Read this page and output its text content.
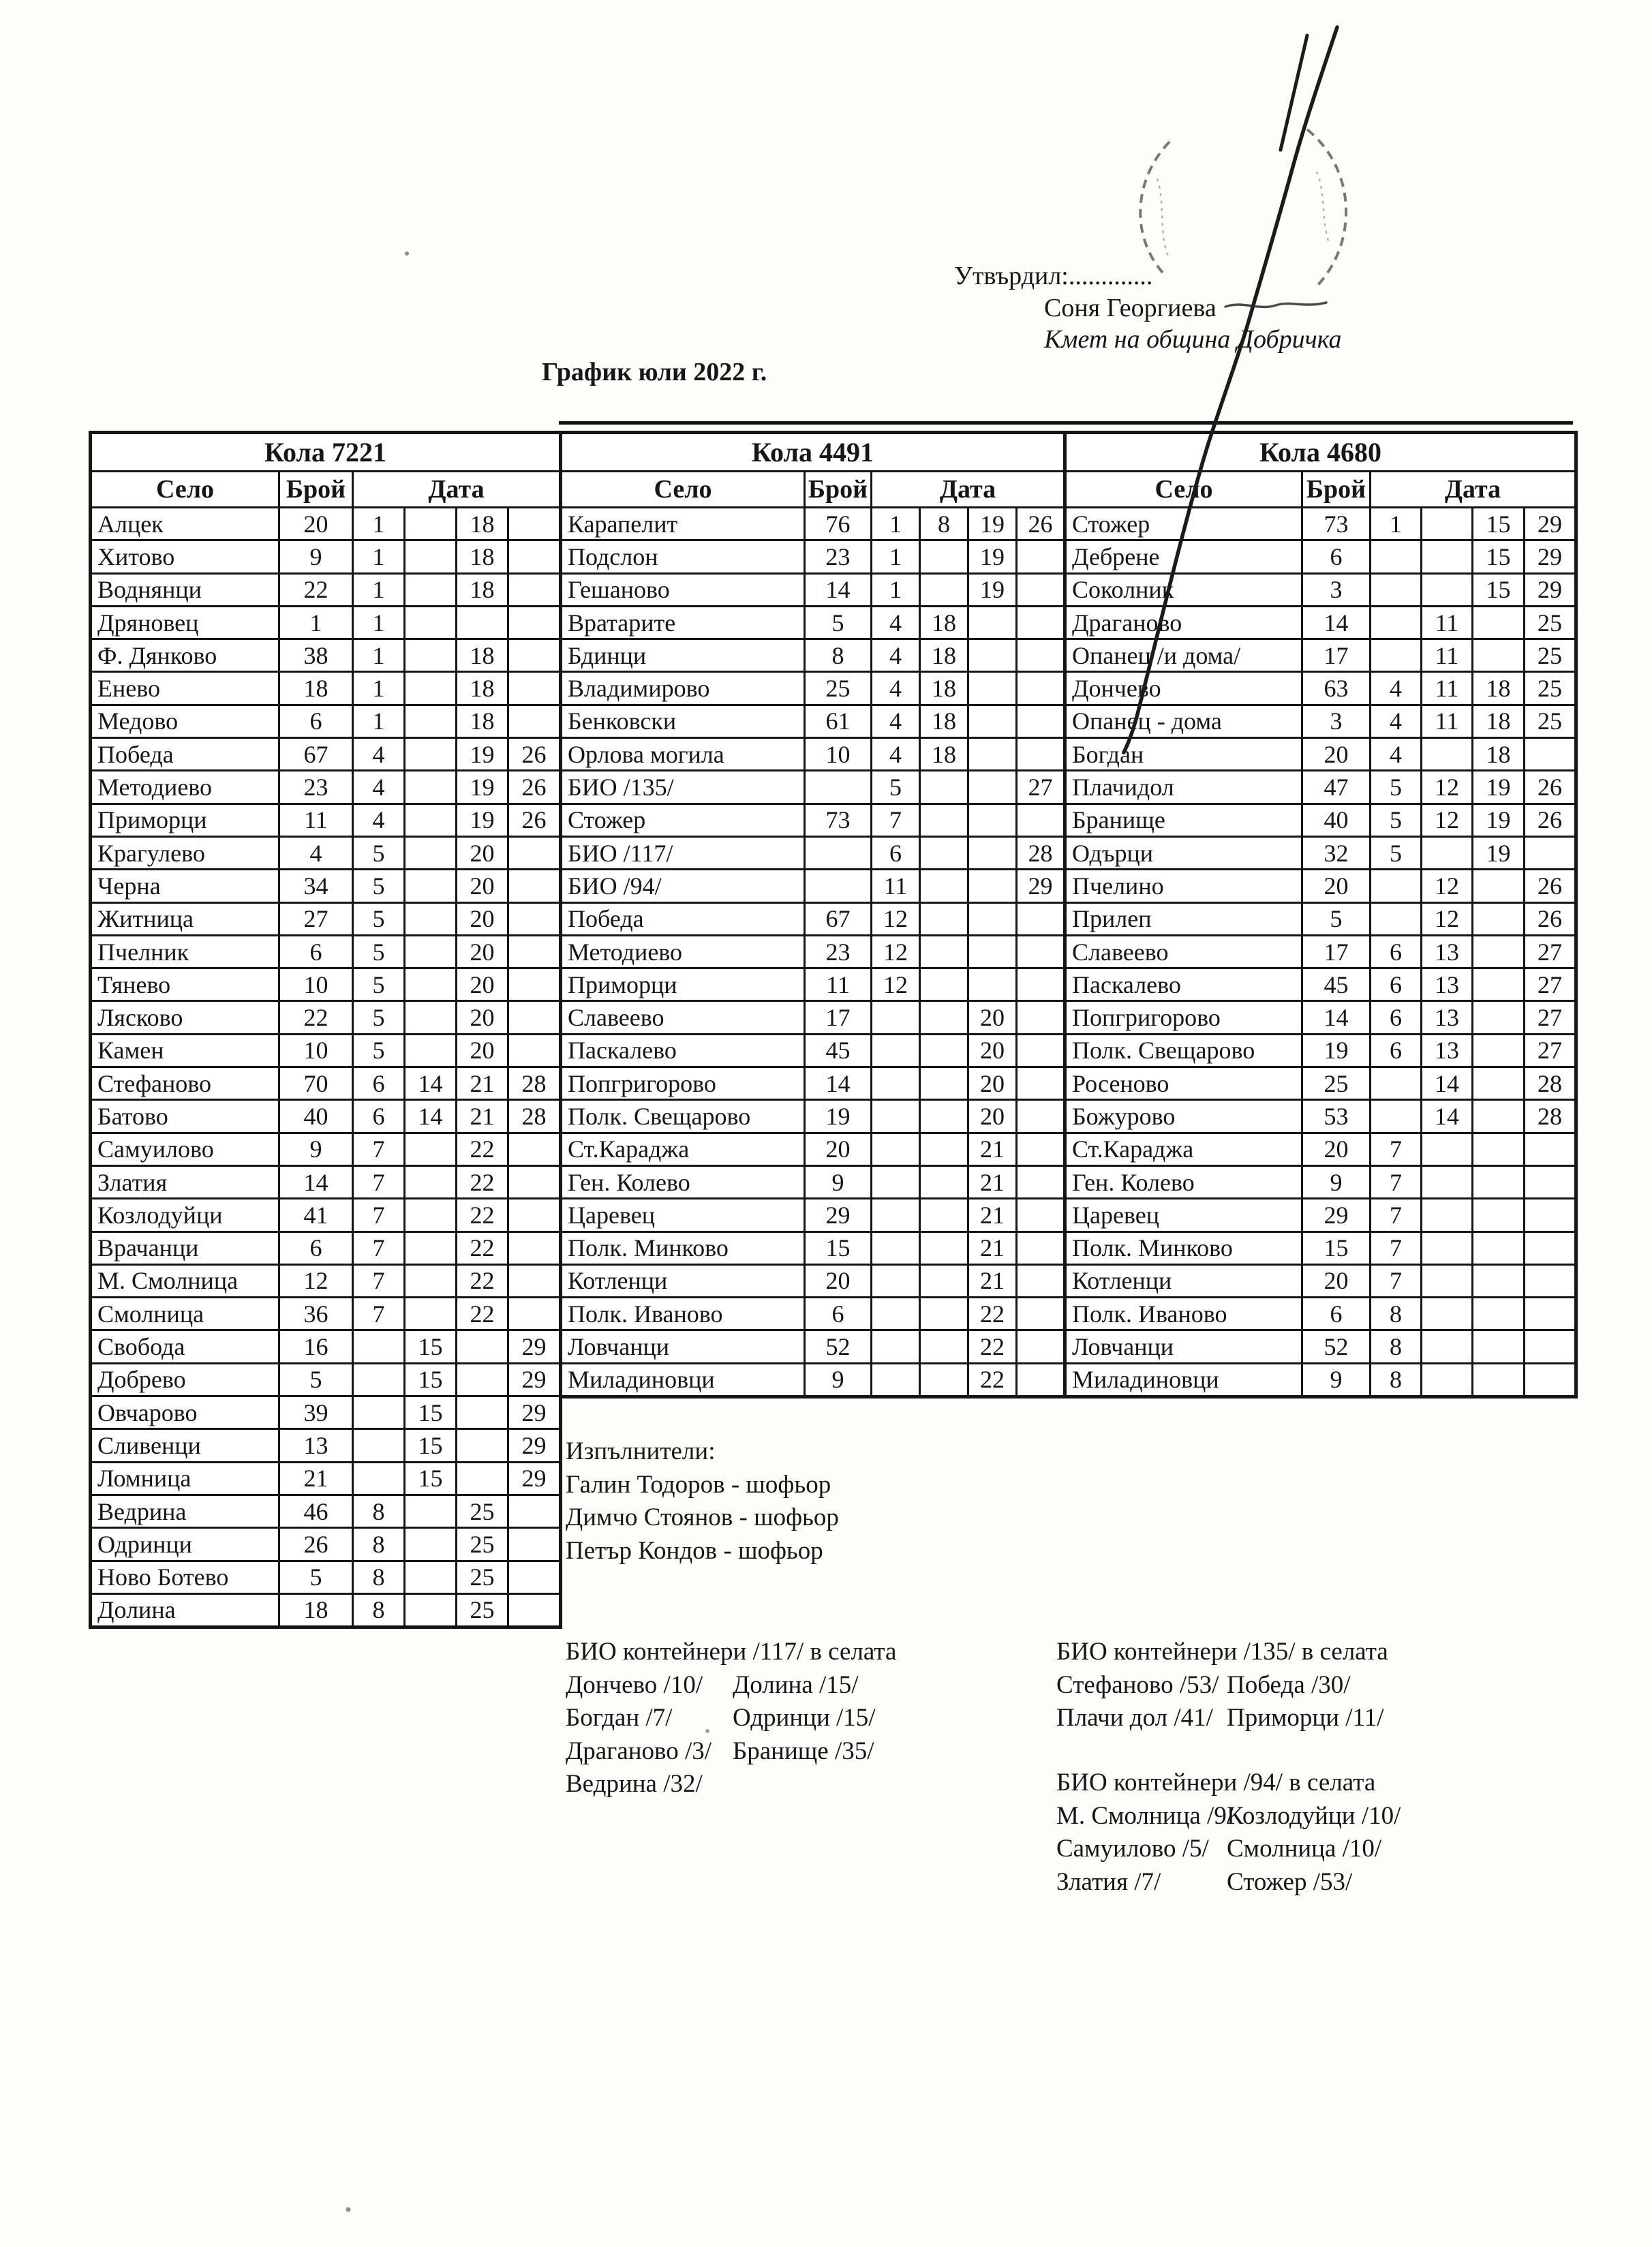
Утвърдил:.............
Соня Георгиева
Кмет на община Добричка
График юли 2022 г.
Кола 7221					
Село	Брой	Дата			
Алцек	20	1		18	
Хитово	9	1		18	
Воднянци	22	1		18	
Дряновец	1	1			
Ф. Дянково	38	1		18	
Енево	18	1		18	
Медово	6	1		18	
Победа	67	4		19	26
Методиево	23	4		19	26
Приморци	11	4		19	26
Крагулево	4	5		20	
Черна	34	5		20	
Житница	27	5		20	
Пчелник	6	5		20	
Тянево	10	5		20	
Лясково	22	5		20	
Камен	10	5		20	
Стефаново	70	6	14	21	28
Батово	40	6	14	21	28
Самуилово	9	7		22	
Златия	14	7		22	
Козлодуйци	41	7		22	
Врачанци	6	7		22	
М. Смолница	12	7		22	
Смолница	36	7		22	
Свобода	16		15		29
Добрево	5		15		29
Овчарово	39		15		29
Сливенци	13		15		29
Ломница	21		15		29
Ведрина	46	8		25	
Одринци	26	8		25	
Ново Ботево	5	8		25	
Долина	18	8		25	
Кола 4491					
Село	Брой	Дата			
Карапелит	76	1	8	19	26
Подслон	23	1		19	
Гешаново	14	1		19	
Вратарите	5	4	18		
Бдинци	8	4	18		
Владимирово	25	4	18		
Бенковски	61	4	18		
Орлова могила	10	4	18		
БИО /135/		5			27
Стожер	73	7			
БИО /117/		6			28
БИО /94/		11			29
Победа	67	12			
Методиево	23	12			
Приморци	11	12			
Славеево	17			20	
Паскалево	45			20	
Попгригорово	14			20	
Полк. Свещарово	19			20	
Ст.Караджа	20			21	
Ген. Колево	9			21	
Царевец	29			21	
Полк. Минково	15			21	
Котленци	20			21	
Полк. Иваново	6			22	
Ловчанци	52			22	
Миладиновци	9			22	
Кола 4680					
Село	Брой	Дата			
Стожер	73	1		15	29
Дебрене	6			15	29
Соколник	3			15	29
Драганово	14		11		25
Опанец /и дома/	17		11		25
Дончево	63	4	11	18	25
Опанец - дома	3	4	11	18	25
Богдан	20	4		18	
Плачидол	47	5	12	19	26
Бранище	40	5	12	19	26
Одърци	32	5		19	
Пчелино	20		12		26
Прилеп	5		12		26
Славеево	17	6	13		27
Паскалево	45	6	13		27
Попгригорово	14	6	13		27
Полк. Свещарово	19	6	13		27
Росеново	25		14		28
Божурово	53		14		28
Ст.Караджа	20	7			
Ген. Колево	9	7			
Царевец	29	7			
Полк. Минково	15	7			
Котленци	20	7			
Полк. Иваново	6	8			
Ловчанци	52	8			
Миладиновци	9	8			
Изпълнители:
Галин Тодоров - шофьор
Димчо Стоянов - шофьор
Петър Кондов - шофьор
БИО контейнери /117/ в селата
Дончево /10/	Долина /15/
Богдан /7/	Одринци /15/
Драганово /3/ Бранище /35/
Ведрина /32/
БИО контейнери /135/ в селата
Стефаново /53/ Победа /30/
Плачи дол /41/ Приморци /11/
БИО контейнери /94/ в селата
М. Смолница /9/
Козлодуйци /10/
Самуилово /5/ Смолница /10/
Златия /7/	Стожер /53/
